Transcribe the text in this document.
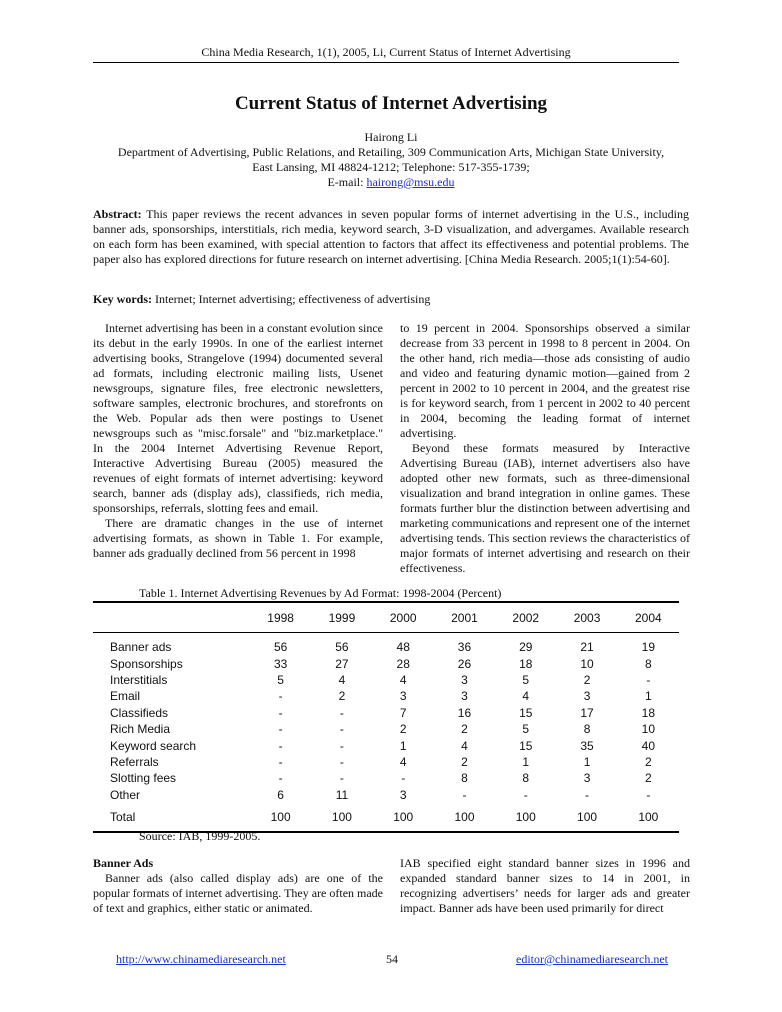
China Media Research, 1(1), 2005, Li, Current Status of Internet Advertising
Current Status of Internet Advertising
Hairong Li
Department of Advertising, Public Relations, and Retailing, 309 Communication Arts, Michigan State University,
East Lansing, MI 48824-1212; Telephone: 517-355-1739;
E-mail: hairong@msu.edu
Abstract: This paper reviews the recent advances in seven popular forms of internet advertising in the U.S., including banner ads, sponsorships, interstitials, rich media, keyword search, 3-D visualization, and advergames. Available research on each form has been examined, with special attention to factors that affect its effectiveness and potential problems. The paper also has explored directions for future research on internet advertising. [China Media Research. 2005;1(1):54-60].
Key words: Internet; Internet advertising; effectiveness of advertising

Internet advertising has been in a constant evolution since its debut in the early 1990s. In one of the earliest internet advertising books, Strangelove (1994) documented several ad formats, including electronic mailing lists, Usenet newsgroups, signature files, free electronic newsletters, software samples, electronic brochures, and storefronts on the Web. Popular ads then were postings to Usenet newsgroups such as "misc.forsale" and "biz.marketplace." In the 2004 Internet Advertising Revenue Report, Interactive Advertising Bureau (2005) measured the revenues of eight formats of internet advertising: keyword search, banner ads (display ads), classifieds, rich media, sponsorships, referrals, slotting fees and email.

There are dramatic changes in the use of internet advertising formats, as shown in Table 1. For example, banner ads gradually declined from 56 percent in 1998

to 19 percent in 2004. Sponsorships observed a similar decrease from 33 percent in 1998 to 8 percent in 2004. On the other hand, rich media—those ads consisting of audio and video and featuring dynamic motion—gained from 2 percent in 2002 to 10 percent in 2004, and the greatest rise is for keyword search, from 1 percent in 2002 to 40 percent in 2004, becoming the leading format of internet advertising.

Beyond these formats measured by Interactive Advertising Bureau (IAB), internet advertisers also have adopted other new formats, such as three-dimensional visualization and brand integration in online games. These formats further blur the distinction between advertising and marketing communications and represent one of the internet advertising tends. This section reviews the characteristics of major formats of internet advertising and research on their effectiveness.

Table 1. Internet Advertising Revenues by Ad Format: 1998-2004 (Percent)
	1998	1999	2000	2001	2002	2003	2004
Banner ads	56	56	48	36	29	21	19
Sponsorships	33	27	28	26	18	10	8
Interstitials	5	4	4	3	5	2	-
Email	-	2	3	3	4	3	1
Classifieds	-	-	7	16	15	17	18
Rich Media	-	-	2	2	5	8	10
Keyword search	-	-	1	4	15	35	40
Referrals	-	-	4	2	1	1	2
Slotting fees	-	-	-	8	8	3	2
Other	6	11	3	-	-	-	-
Total	100	100	100	100	100	100	100
Source: IAB, 1999-2005.
Banner Ads

Banner ads (also called display ads) are one of the popular formats of internet advertising. They are often made of text and graphics, either static or animated.

IAB specified eight standard banner sizes in 1996 and expanded standard banner sizes to 14 in 2001, in recognizing advertisers’ needs for larger ads and greater impact. Banner ads have been used primarily for direct

http://www.chinamediaresearch.net	54	editor@chinamediaresearch.net
